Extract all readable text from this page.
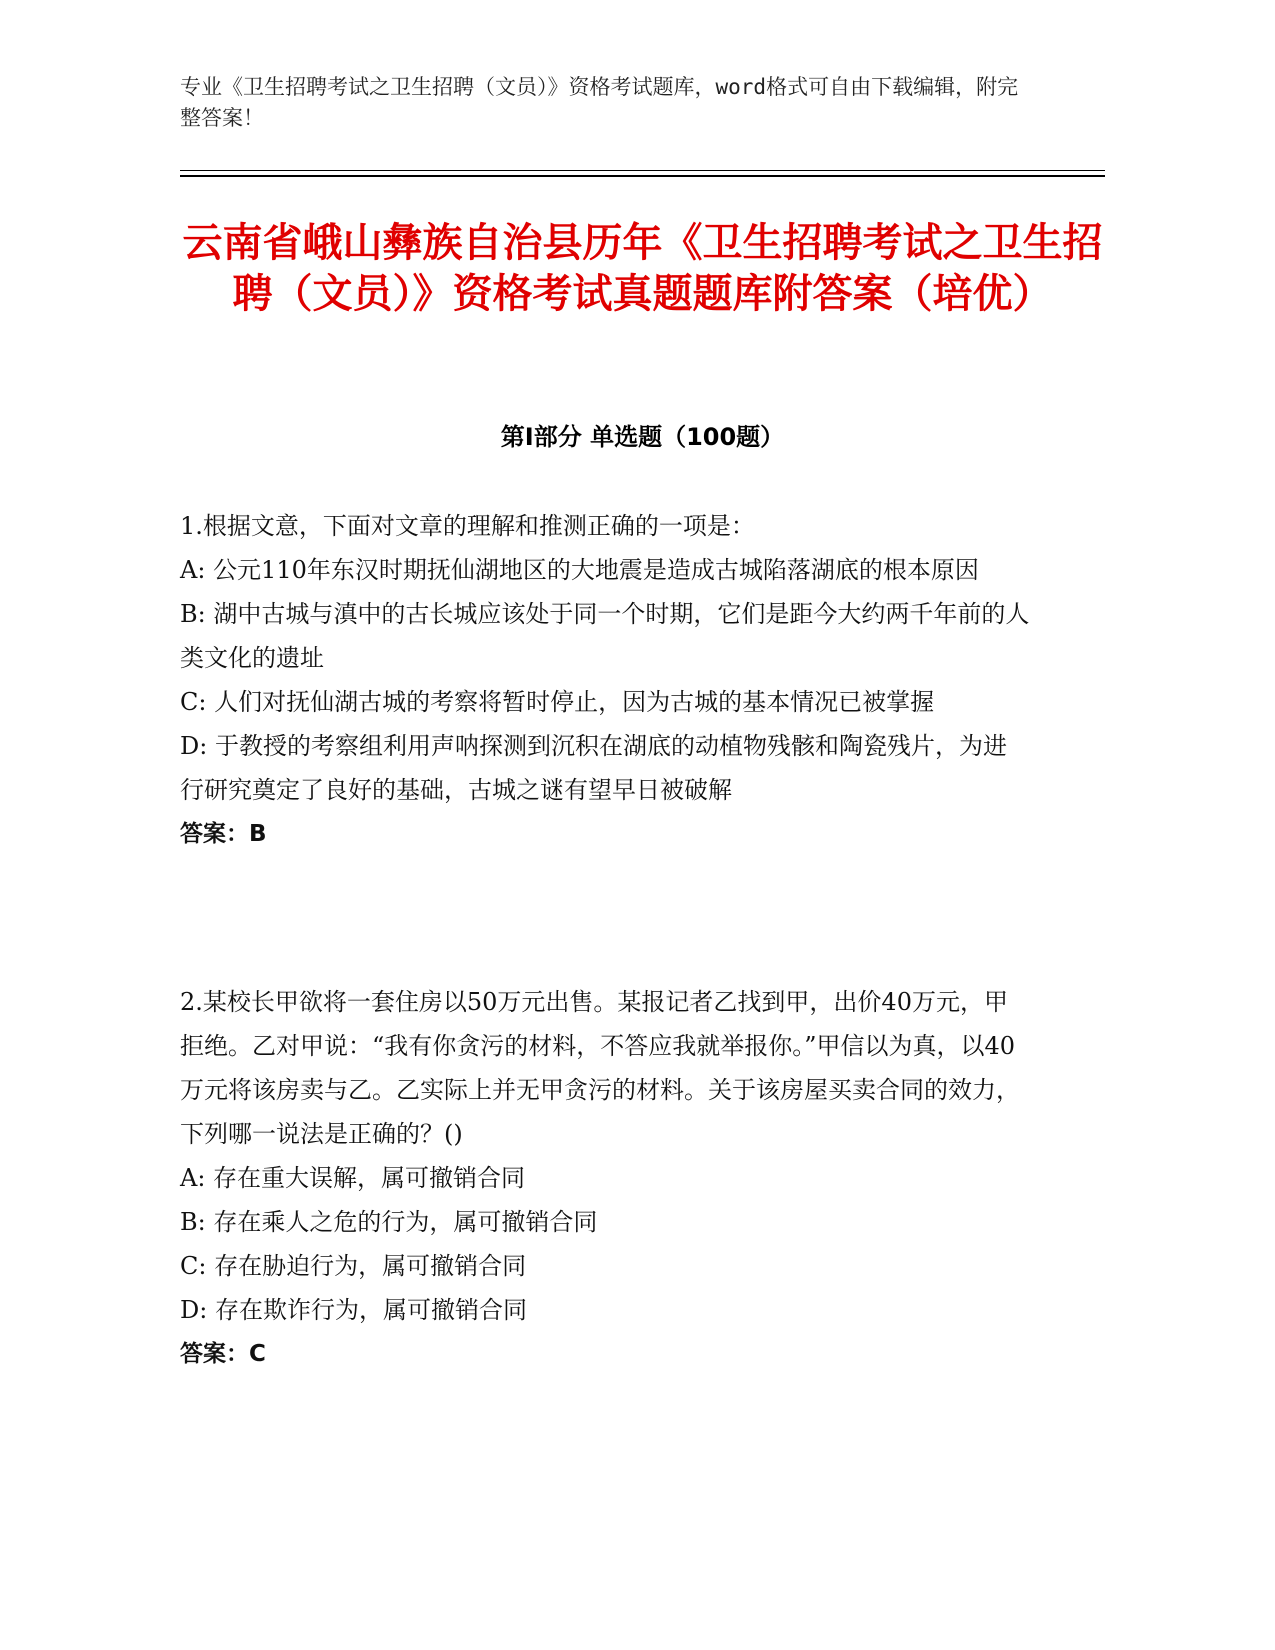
专业《卫生招聘考试之卫生招聘（文员）》资格考试题库，word格式可自由下载编辑，附完整答案！
云南省峨山彝族自治县历年《卫生招聘考试之卫生招聘（文员）》资格考试真题题库附答案（培优）
第Ⅰ部分 单选题（100题）
1.根据文意，下面对文章的理解和推测正确的一项是：
A: 公元110年东汉时期抚仙湖地区的大地震是造成古城陷落湖底的根本原因
B: 湖中古城与滇中的古长城应该处于同一个时期，它们是距今大约两千年前的人类文化的遗址
C: 人们对抚仙湖古城的考察将暂时停止，因为古城的基本情况已被掌握
D: 于教授的考察组利用声呐探测到沉积在湖底的动植物残骸和陶瓷残片，为进行研究奠定了良好的基础，古城之谜有望早日被破解
答案：B
2.某校长甲欲将一套住房以50万元出售。某报记者乙找到甲，出价40万元，甲拒绝。乙对甲说：“我有你贪污的材料，不答应我就举报你。”甲信以为真，以40万元将该房卖与乙。乙实际上并无甲贪污的材料。关于该房屋买卖合同的效力，下列哪一说法是正确的？()
A: 存在重大误解，属可撤销合同
B: 存在乘人之危的行为，属可撤销合同
C: 存在胁迫行为，属可撤销合同
D: 存在欺诈行为，属可撤销合同
答案：C
